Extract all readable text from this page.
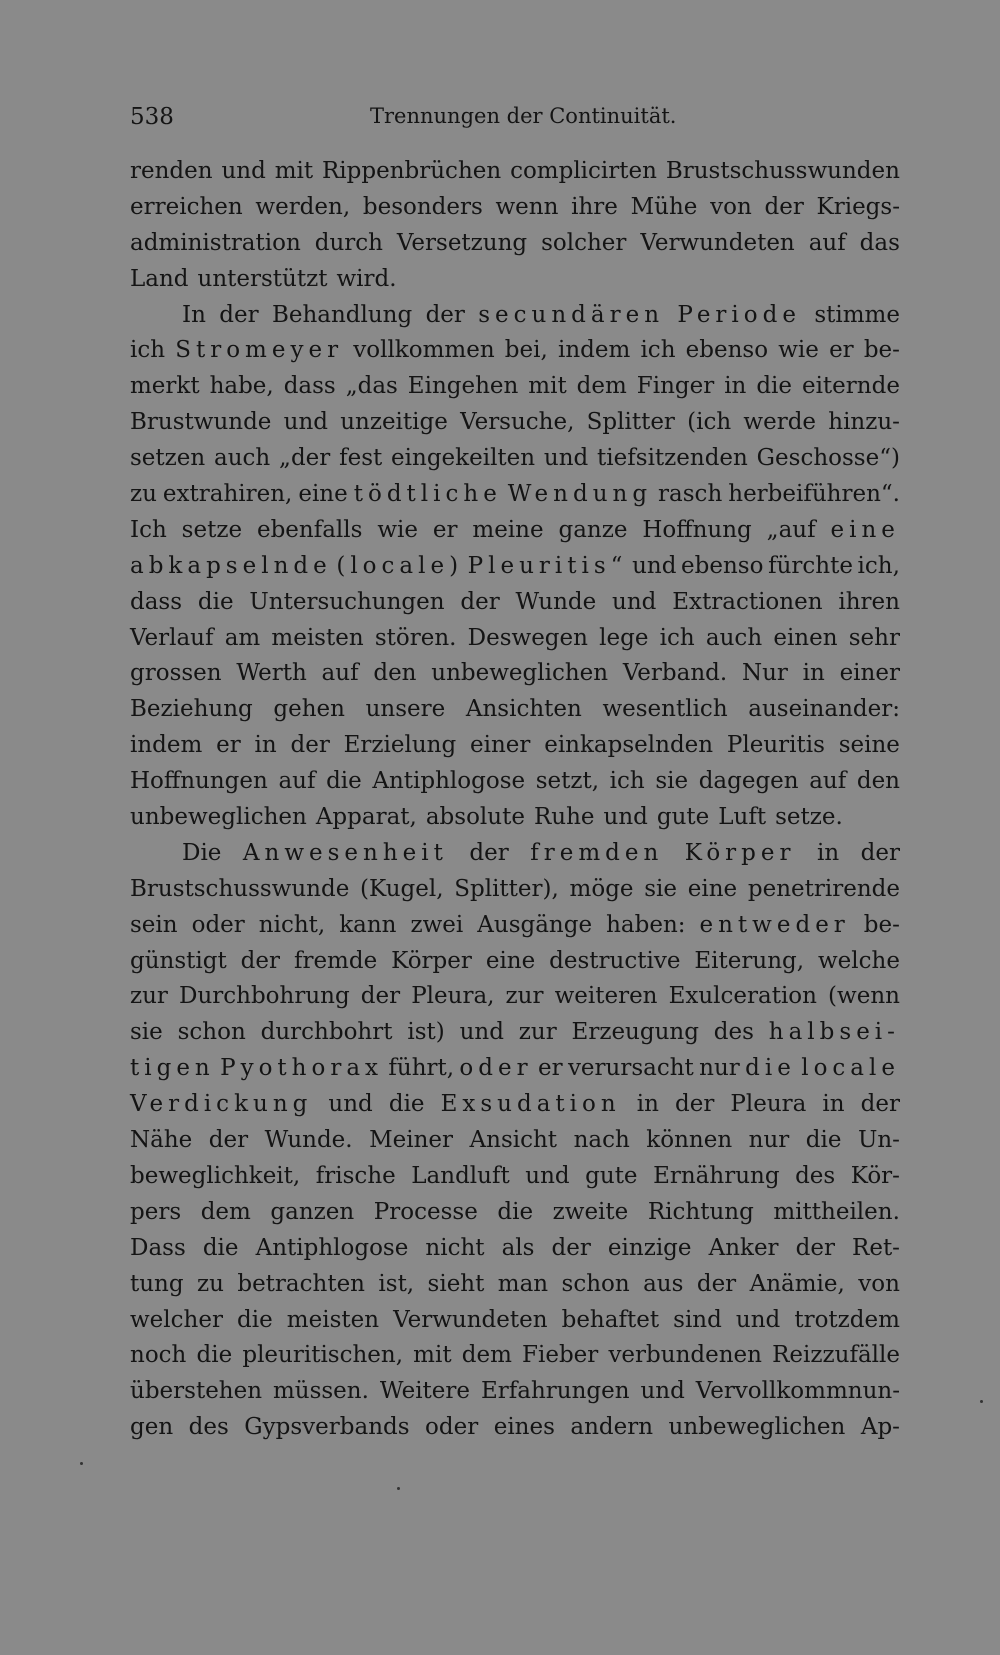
538	Trennungen der Continuität.
renden und mit Rippenbrüchen complicirten Brustschusswunden
erreichen werden, besonders wenn ihre Mühe von der Kriegs-
administration durch Versetzung solcher Verwundeten auf das
Land unterstützt wird.
In der Behandlung der secundären Periode stimme
ich Stromeyer vollkommen bei, indem ich ebenso wie er be-
merkt habe, dass „das Eingehen mit dem Finger in die eiternde
Brustwunde und unzeitige Versuche, Splitter (ich werde hinzu-
setzen auch „der fest eingekeilten und tiefsitzenden Geschosse“)
zu extrahiren, eine tödtliche Wendung rasch herbeiführen“.
Ich setze ebenfalls wie er meine ganze Hoffnung „auf eine
abkapselnde (locale) Pleuritis“ und ebenso fürchte ich,
dass die Untersuchungen der Wunde und Extractionen ihren
Verlauf am meisten stören. Deswegen lege ich auch einen sehr
grossen Werth auf den unbeweglichen Verband. Nur in einer
Beziehung gehen unsere Ansichten wesentlich auseinander:
indem er in der Erzielung einer einkapselnden Pleuritis seine
Hoffnungen auf die Antiphlogose setzt, ich sie dagegen auf den
unbeweglichen Apparat, absolute Ruhe und gute Luft setze.
Die Anwesenheit der fremden Körper in der
Brustschusswunde (Kugel, Splitter), möge sie eine penetrirende
sein oder nicht, kann zwei Ausgänge haben: entweder be-
günstigt der fremde Körper eine destructive Eiterung, welche
zur Durchbohrung der Pleura, zur weiteren Exulceration (wenn
sie schon durchbohrt ist) und zur Erzeugung des halbsei-
tigen Pyothorax führt, oder er verursacht nur die locale
Verdickung und die Exsudation in der Pleura in der
Nähe der Wunde. Meiner Ansicht nach können nur die Un-
beweglichkeit, frische Landluft und gute Ernährung des Kör-
pers dem ganzen Processe die zweite Richtung mittheilen.
Dass die Antiphlogose nicht als der einzige Anker der Ret-
tung zu betrachten ist, sieht man schon aus der Anämie, von
welcher die meisten Verwundeten behaftet sind und trotzdem
noch die pleuritischen, mit dem Fieber verbundenen Reizzufälle
überstehen müssen. Weitere Erfahrungen und Vervollkommnun-
gen des Gypsverbands oder eines andern unbeweglichen Ap-
